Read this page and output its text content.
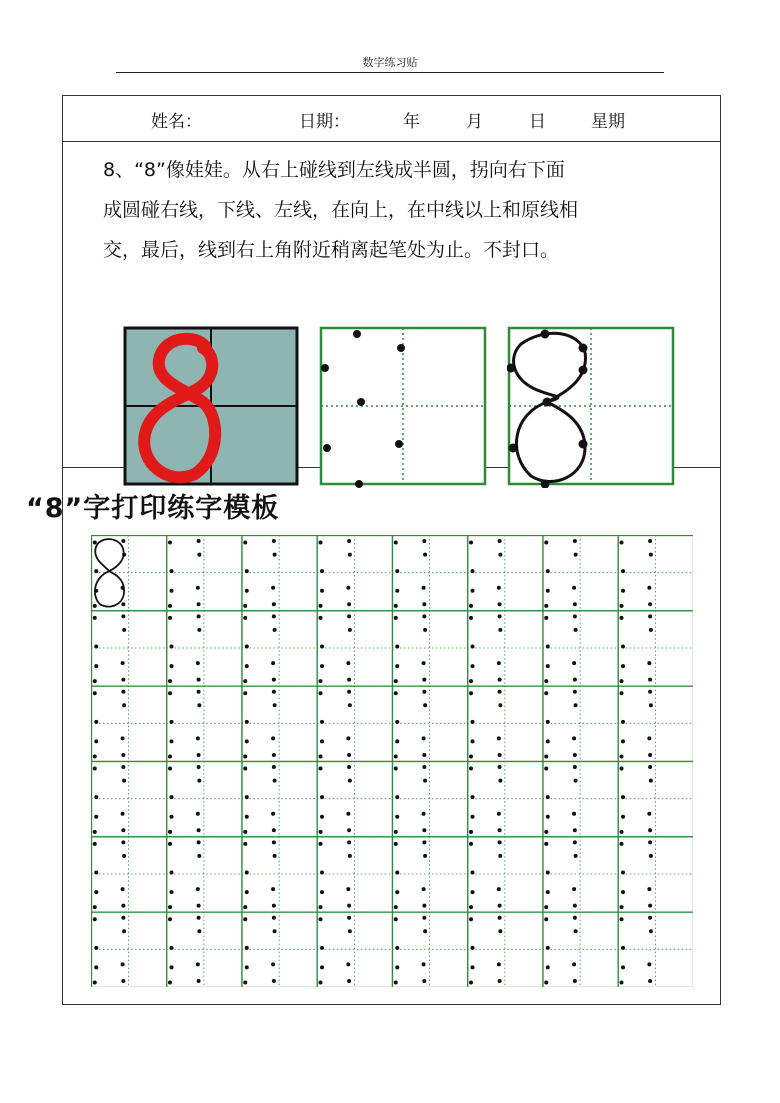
数字练习贴
姓名：	日期：	年	月	日	星期
8、“8”像娃娃。从右上碰线到左线成半圆，拐向右下面
成圆碰右线，下线、左线，在向上，在中线以上和原线相
交，最后，线到右上角附近稍离起笔处为止。不封口。
“8”字打印练字模板
